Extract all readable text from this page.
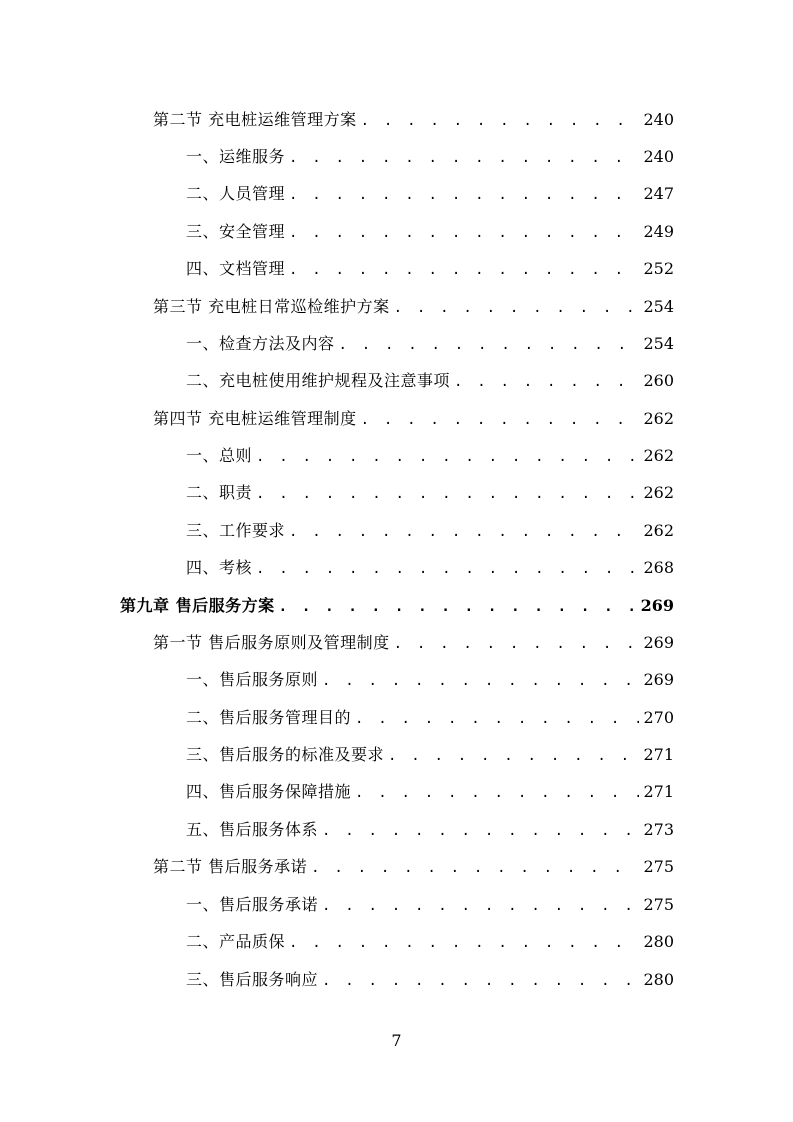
第二节 充电桩运维管理方案 . . .	240
一、运维服务 . . .	240
二、人员管理 . . .	247
三、安全管理 . . .	249
四、文档管理 . . .	252
第三节 充电桩日常巡检维护方案 . . .	254
一、检查方法及内容 . . .	254
二、充电桩使用维护规程及注意事项 . . .	260
第四节 充电桩运维管理制度 . . .	262
一、总则 . . .	262
二、职责 . . .	262
三、工作要求 . . .	262
四、考核 . . .	268
第九章 售后服务方案 . . .	269
第一节 售后服务原则及管理制度 . . .	269
一、售后服务原则 . . .	269
二、售后服务管理目的 . . .	270
三、售后服务的标准及要求 . . .	271
四、售后服务保障措施 . . .	271
五、售后服务体系 . . .	273
第二节 售后服务承诺 . . .	275
一、售后服务承诺 . . .	275
二、产品质保 . . .	280
三、售后服务响应 . . .	280
7
